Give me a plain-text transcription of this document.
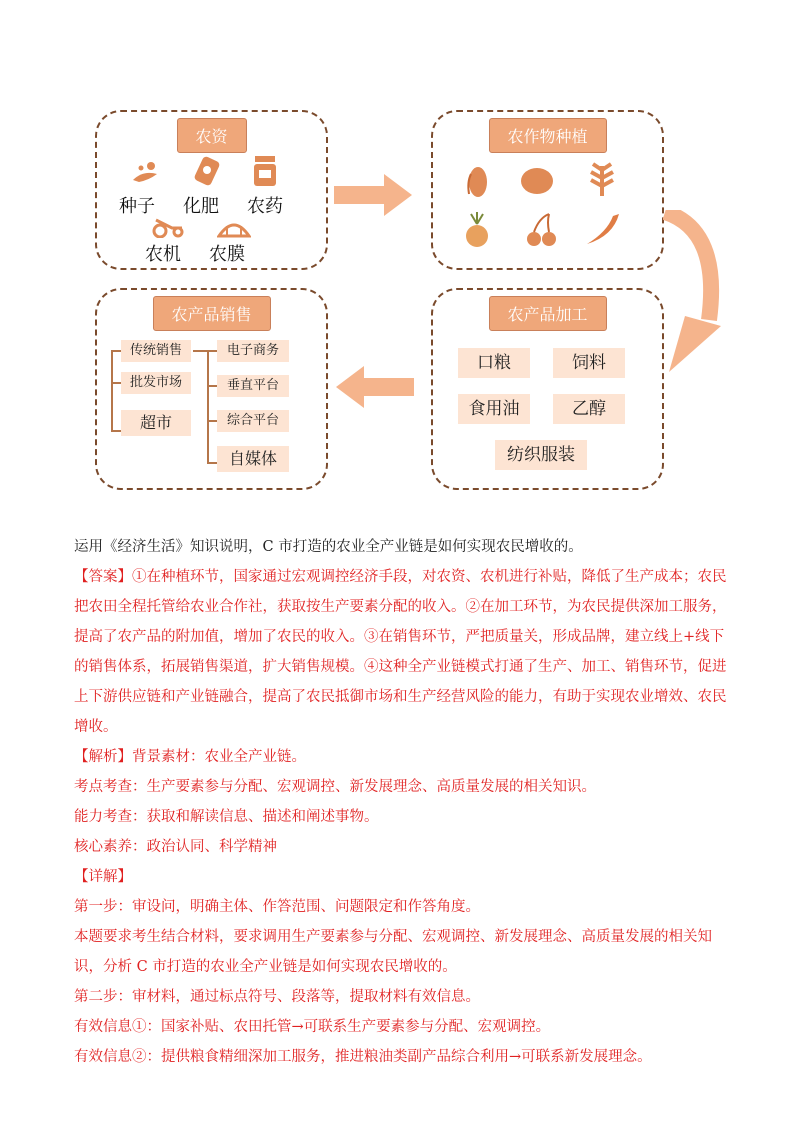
农资
种子 化肥 农药
农机 农膜
农作物种植
农产品加工
口粮	饲料
食用油	乙醇
纺织服装
农产品销售
传统销售
批发市场
超市
电子商务
垂直平台
综合平台
自媒体

运用《经济生活》知识说明，C 市打造的农业全产业链是如何实现农民增收的。

【答案】①在种植环节，国家通过宏观调控经济手段，对农资、农机进行补贴，降低了生产成本；农民把农田全程托管给农业合作社，获取按生产要素分配的收入。②在加工环节，为农民提供深加工服务，提高了农产品的附加值，增加了农民的收入。③在销售环节，严把质量关，形成品牌，建立线上+线下的销售体系，拓展销售渠道，扩大销售规模。④这种全产业链模式打通了生产、加工、销售环节，促进上下游供应链和产业链融合，提高了农民抵御市场和生产经营风险的能力，有助于实现农业增效、农民增收。

【解析】背景素材：农业全产业链。

考点考查：生产要素参与分配、宏观调控、新发展理念、高质量发展的相关知识。

能力考查：获取和解读信息、描述和阐述事物。

核心素养：政治认同、科学精神

【详解】

第一步：审设问，明确主体、作答范围、问题限定和作答角度。

本题要求考生结合材料，要求调用生产要素参与分配、宏观调控、新发展理念、高质量发展的相关知识，分析 C 市打造的农业全产业链是如何实现农民增收的。

第二步：审材料，通过标点符号、段落等，提取材料有效信息。

有效信息①：国家补贴、农田托管→可联系生产要素参与分配、宏观调控。

有效信息②：提供粮食精细深加工服务，推进粮油类副产品综合利用→可联系新发展理念。
